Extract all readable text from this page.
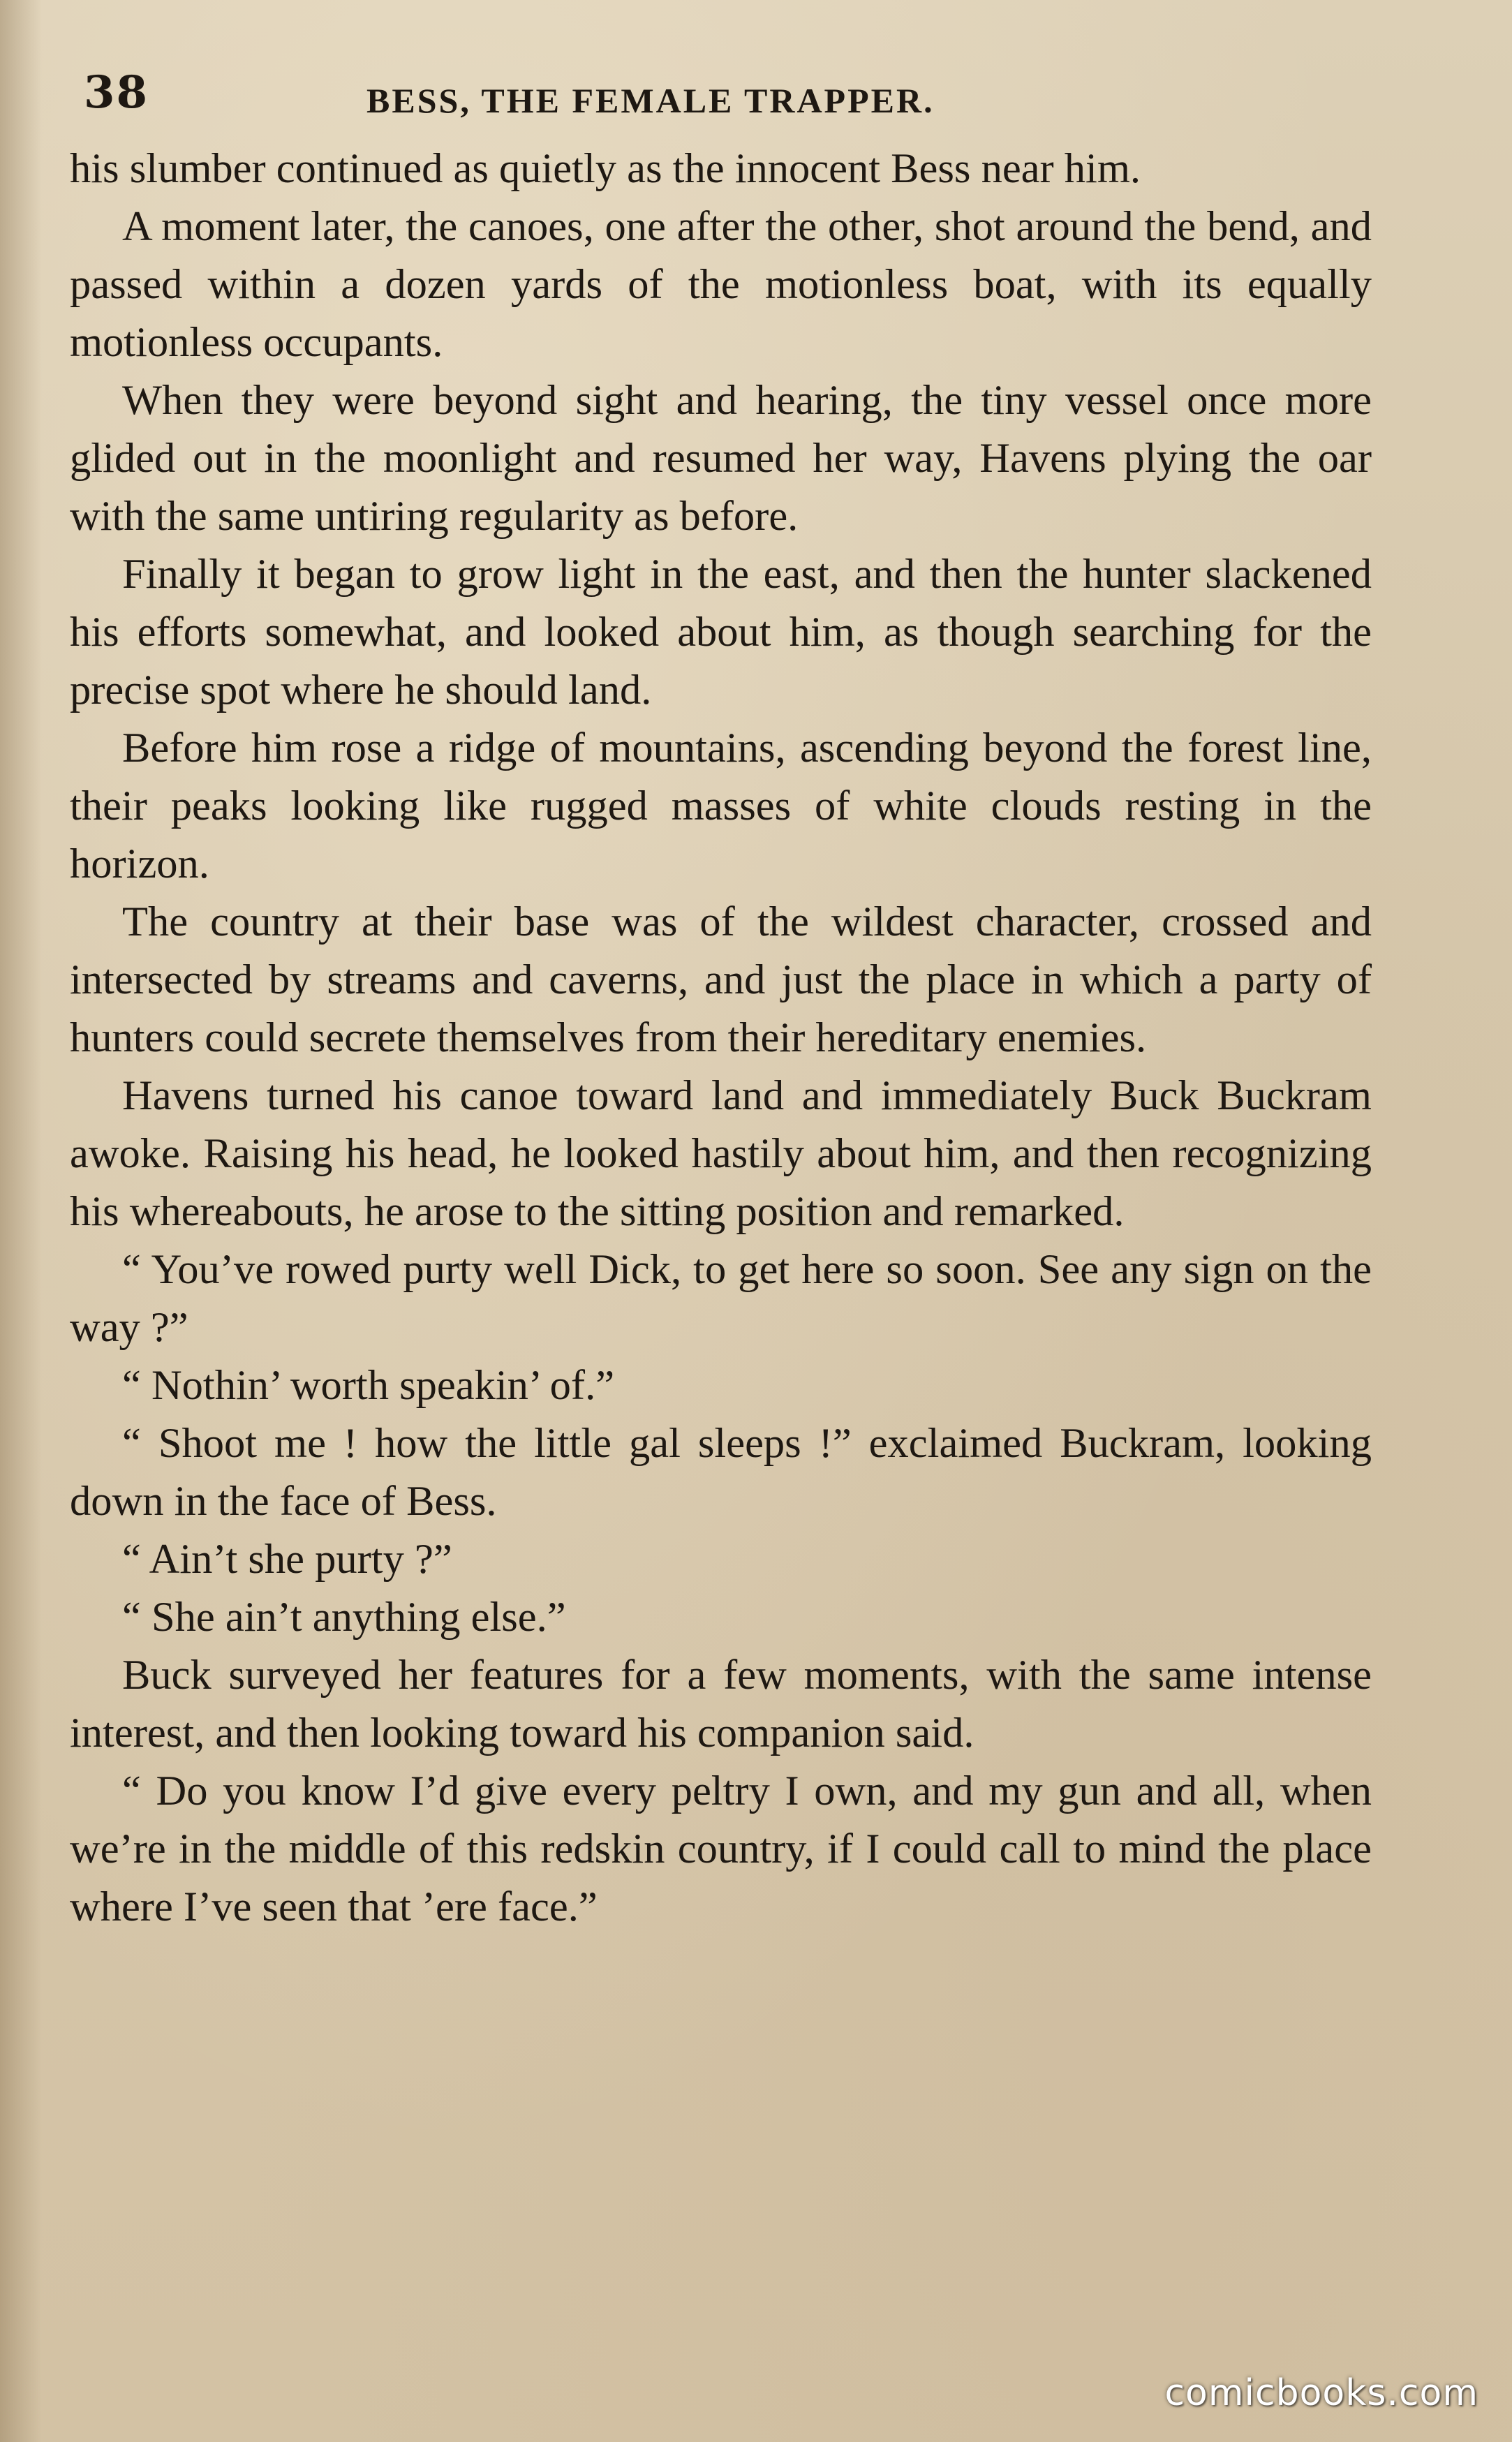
38	BESS, THE FEMALE TRAPPER.

his slumber continued as quietly as the innocent Bess near him.

A moment later, the canoes, one after the other, shot around the bend, and passed within a dozen yards of the motionless boat, with its equally motionless occupants.

When they were beyond sight and hearing, the tiny vessel once more glided out in the moonlight and resumed her way, Havens plying the oar with the same untiring regularity as before.

Finally it began to grow light in the east, and then the hunter slackened his efforts somewhat, and looked about him, as though searching for the precise spot where he should land.

Before him rose a ridge of mountains, ascending beyond the forest line, their peaks looking like rugged masses of white clouds resting in the horizon.

The country at their base was of the wildest character, crossed and intersected by streams and caverns, and just the place in which a party of hunters could secrete themselves from their hereditary enemies.

Havens turned his canoe toward land and immediately Buck Buckram awoke. Raising his head, he looked hastily about him, and then recognizing his whereabouts, he arose to the sitting position and remarked.

“ You’ve rowed purty well Dick, to get here so soon. See any sign on the way ?”

“ Nothin’ worth speakin’ of.”

“ Shoot me ! how the little gal sleeps !” exclaimed Buckram, looking down in the face of Bess.

“ Ain’t she purty ?”

“ She ain’t anything else.”

Buck surveyed her features for a few moments, with the same intense interest, and then looking toward his companion said.

“ Do you know I’d give every peltry I own, and my gun and all, when we’re in the middle of this redskin country, if I could call to mind the place where I’ve seen that ’ere face.”

comicbooks.com
